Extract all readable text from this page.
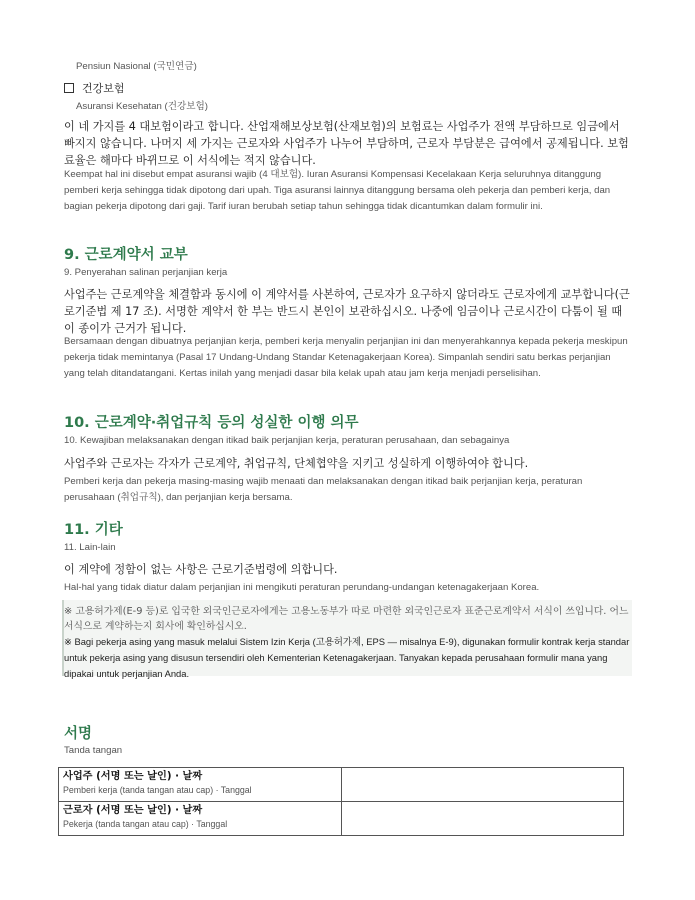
Pensiun Nasional (국민연금)
건강보험
Asuransi Kesehatan (건강보험)
이 네 가지를 4 대보험이라고 합니다. 산업재해보상보험(산재보험)의 보험료는 사업주가 전액 부담하므로 임금에서 빠지지 않습니다. 나머지 세 가지는 근로자와 사업주가 나누어 부담하며, 근로자 부담분은 급여에서 공제됩니다. 보험료율은 해마다 바뀌므로 이 서식에는 적지 않습니다.
Keempat hal ini disebut empat asuransi wajib (4 대보험). Iuran Asuransi Kompensasi Kecelakaan Kerja seluruhnya ditanggung pemberi kerja sehingga tidak dipotong dari upah. Tiga asuransi lainnya ditanggung bersama oleh pekerja dan pemberi kerja, dan bagian pekerja dipotong dari gaji. Tarif iuran berubah setiap tahun sehingga tidak dicantumkan dalam formulir ini.
9. 근로계약서 교부
9. Penyerahan salinan perjanjian kerja
사업주는 근로계약을 체결함과 동시에 이 계약서를 사본하여, 근로자가 요구하지 않더라도 근로자에게 교부합니다(근로기준법 제 17 조). 서명한 계약서 한 부는 반드시 본인이 보관하십시오. 나중에 임금이나 근로시간이 다툼이 될 때 이 종이가 근거가 됩니다.
Bersamaan dengan dibuatnya perjanjian kerja, pemberi kerja menyalin perjanjian ini dan menyerahkannya kepada pekerja meskipun pekerja tidak memintanya (Pasal 17 Undang-Undang Standar Ketenagakerjaan Korea). Simpanlah sendiri satu berkas perjanjian yang telah ditandatangani. Kertas inilah yang menjadi dasar bila kelak upah atau jam kerja menjadi perselisihan.
10. 근로계약·취업규칙 등의 성실한 이행 의무
10. Kewajiban melaksanakan dengan itikad baik perjanjian kerja, peraturan perusahaan, dan sebagainya
사업주와 근로자는 각자가 근로계약, 취업규칙, 단체협약을 지키고 성실하게 이행하여야 합니다.
Pemberi kerja dan pekerja masing-masing wajib menaati dan melaksanakan dengan itikad baik perjanjian kerja, peraturan perusahaan (취업규칙), dan perjanjian kerja bersama.
11. 기타
11. Lain-lain
이 계약에 정함이 없는 사항은 근로기준법령에 의합니다.
Hal-hal yang tidak diatur dalam perjanjian ini mengikuti peraturan perundang-undangan ketenagakerjaan Korea.
※ 고용허가제(E-9 등)로 입국한 외국인근로자에게는 고용노동부가 따로 마련한 외국인근로자 표준근로계약서 서식이 쓰입니다. 어느 서식으로 계약하는지 회사에 확인하십시오.
※ Bagi pekerja asing yang masuk melalui Sistem Izin Kerja (고용허가제, EPS — misalnya E-9), digunakan formulir kontrak kerja standar untuk pekerja asing yang disusun tersendiri oleh Kementerian Ketenagakerjaan. Tanyakan kepada perusahaan formulir mana yang dipakai untuk perjanjian Anda.
서명
Tanda tangan
사업주 (서명 또는 날인) · 날짜
Pemberi kerja (tanda tangan atau cap) · Tanggal	

근로자 (서명 또는 날인) · 날짜
Pekerja (tanda tangan atau cap) · Tanggal	
